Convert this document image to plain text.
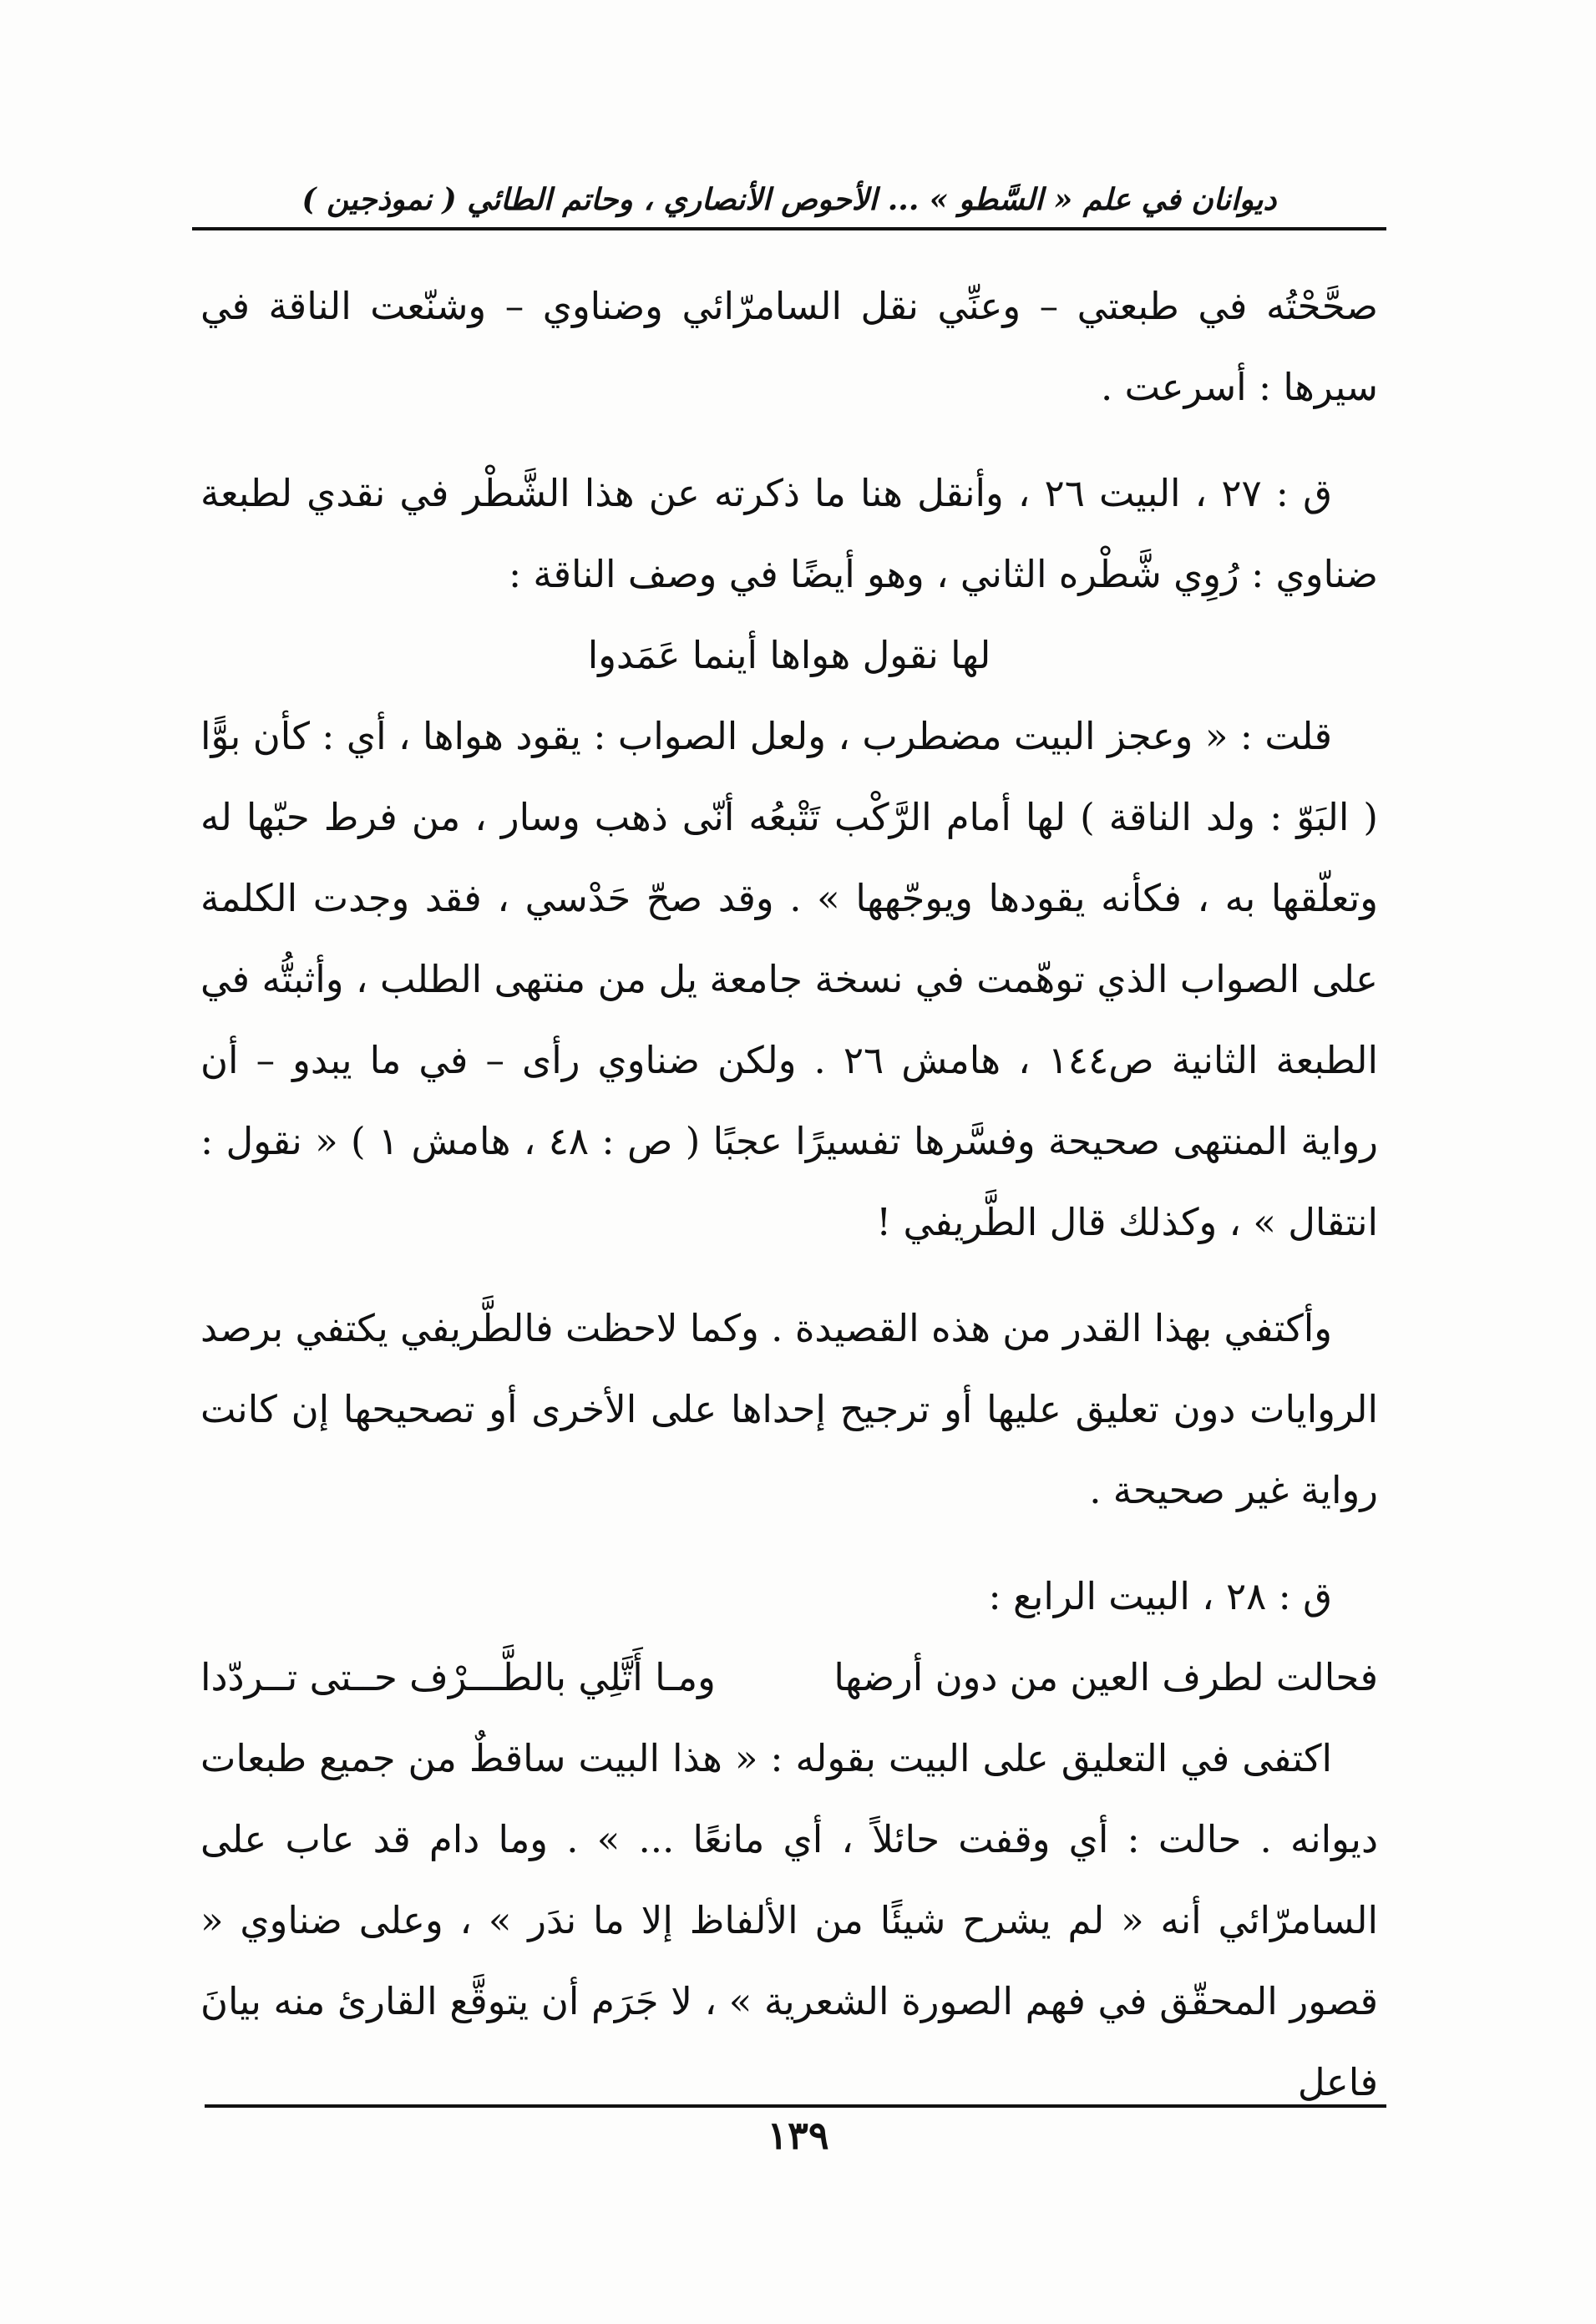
ديوانان في علم « السَّطو » ... الأحوص الأنصاري ، وحاتم الطائي ( نموذجين )

صحَّحْتُه في طبعتي – وعنِّي نقل السامرّائي وضناوي – وشنّعت الناقة في سيرها : أسرعت .

ق : ٢٧ ، البيت ٢٦ ، وأنقل هنا ما ذكرته عن هذا الشَّطْر في نقدي لطبعة ضناوي : رُوِي شَّطْره الثاني ، وهو أيضًا في وصف الناقة :

لها نقول هواها أينما عَمَدوا

قلت : « وعجز البيت مضطرب ، ولعل الصواب : يقود هواها ، أي : كأن بوًّا ( البَوّ : ولد الناقة ) لها أمام الرَّكْب تَتْبعُه أنّى ذهب وسار ، من فرط حبّها له وتعلّقها به ، فكأنه يقودها ويوجّهها » . وقد صحّ حَدْسي ، فقد وجدت الكلمة على الصواب الذي توهّمت في نسخة جامعة يل من منتهى الطلب ، وأثبتُّه في الطبعة الثانية ص١٤٤ ، هامش ٢٦ . ولكن ضناوي رأى – في ما يبدو – أن رواية المنتهى صحيحة وفسَّرها تفسيرًا عجبًا ( ص : ٤٨ ، هامش ١ ) « نقول : انتقال » ، وكذلك قال الطَّريفي !

وأكتفي بهذا القدر من هذه القصيدة . وكما لاحظت فالطَّريفي يكتفي برصد الروايات دون تعليق عليها أو ترجيح إحداها على الأخرى أو تصحيحها إن كانت رواية غير صحيحة .

ق : ٢٨ ، البيت الرابع :

فحالت لطرف العين من دون أرضها
ومـا أَتَّلِي بالطَّـــرْف حــتى تــردّدا

اكتفى في التعليق على البيت بقوله : « هذا البيت ساقطٌ من جميع طبعات ديوانه . حالت : أي وقفت حائلاً ، أي مانعًا ... » . وما دام قد عاب على السامرّائي أنه « لم يشرح شيئًا من الألفاظ إلا ما ندَر » ، وعلى ضناوي « قصور المحقّق في فهم الصورة الشعرية » ، لا جَرَم أن يتوقَّع القارئ منه بيانَ فاعل

١٣٩
